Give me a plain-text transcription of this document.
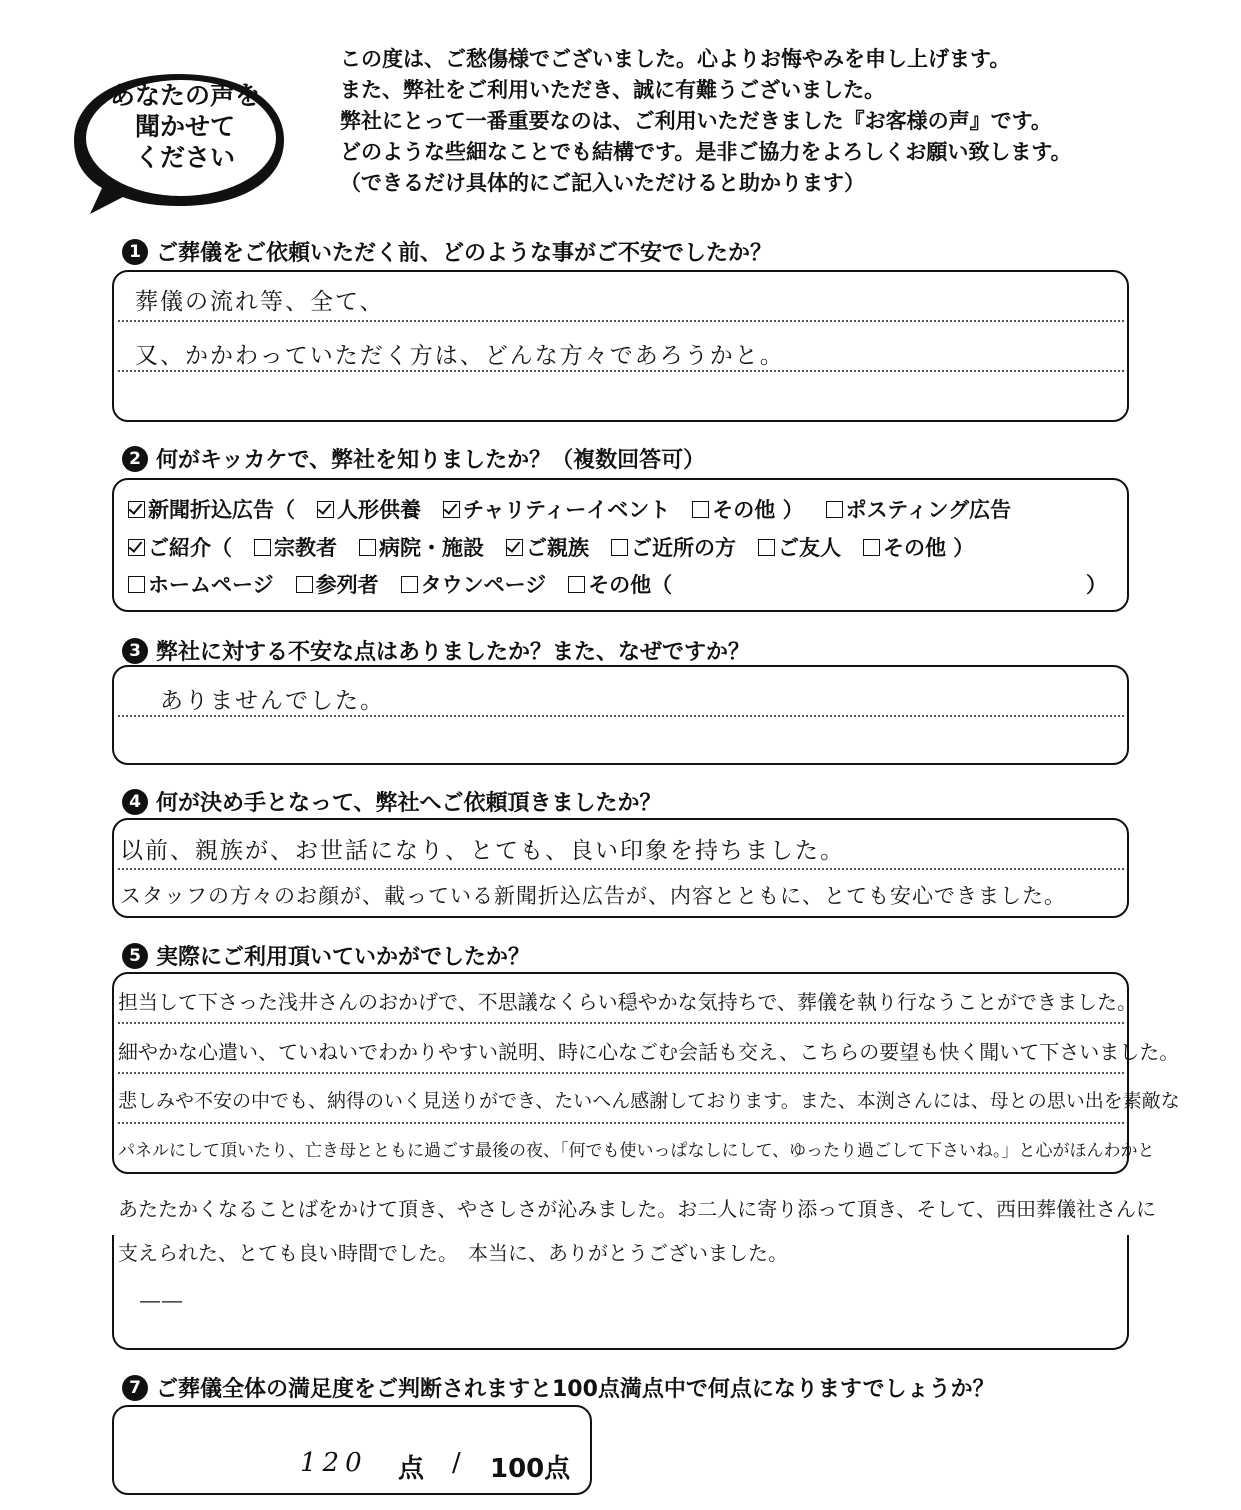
あなたの声を
聞かせて
ください
この度は、ご愁傷様でございました。心よりお悔やみを申し上げます。
また、弊社をご利用いただき、誠に有難うございました。
弊社にとって一番重要なのは、ご利用いただきました『お客様の声』です。
どのような些細なことでも結構です。是非ご協力をよろしくお願い致します。
（できるだけ具体的にご記入いただけると助かります）
1 ご葬儀をご依頼いただく前、どのような事がご不安でしたか？
葬儀の流れ等、全て、
又、かかわっていただく方は、どんな方々であろうかと。
2 何がキッカケで、弊社を知りましたか？（複数回答可）
新聞折込広告（ 人形供養 チャリティーイベント その他 ） ポスティング広告
ご紹介（ 宗教者 病院・施設 ご親族 ご近所の方 ご友人 その他 ）
ホームページ 参列者 タウンページ その他（	）
3 弊社に対する不安な点はありましたか？また、なぜですか？
ありませんでした。
4 何が決め手となって、弊社へご依頼頂きましたか？
以前、親族が、お世話になり、とても、良い印象を持ちました。
スタッフの方々のお顔が、載っている新聞折込広告が、内容とともに、とても安心できました。
5 実際にご利用頂いていかがでしたか？
担当して下さった浅井さんのおかげで、不思議なくらい穏やかな気持ちで、葬儀を執り行なうことができました。
細やかな心遣い、ていねいでわかりやすい説明、時に心なごむ会話も交え、こちらの要望も快く聞いて下さいました。
悲しみや不安の中でも、納得のいく見送りができ、たいへん感謝しております。また、本渕さんには、母との思い出を素敵な
パネルにして頂いたり、亡き母とともに過ごす最後の夜、「何でも使いっぱなしにして、ゆったり過ごして下さいね。」と心がほんわかと
あたたかくなることばをかけて頂き、やさしさが沁みました。お二人に寄り添って頂き、そして、西田葬儀社さんに
支えられた、とても良い時間でした。　本当に、ありがとうございました。
――
7 ご葬儀全体の満足度をご判断されますと100点満点中で何点になりますでしょうか？
120 点 / 100点
